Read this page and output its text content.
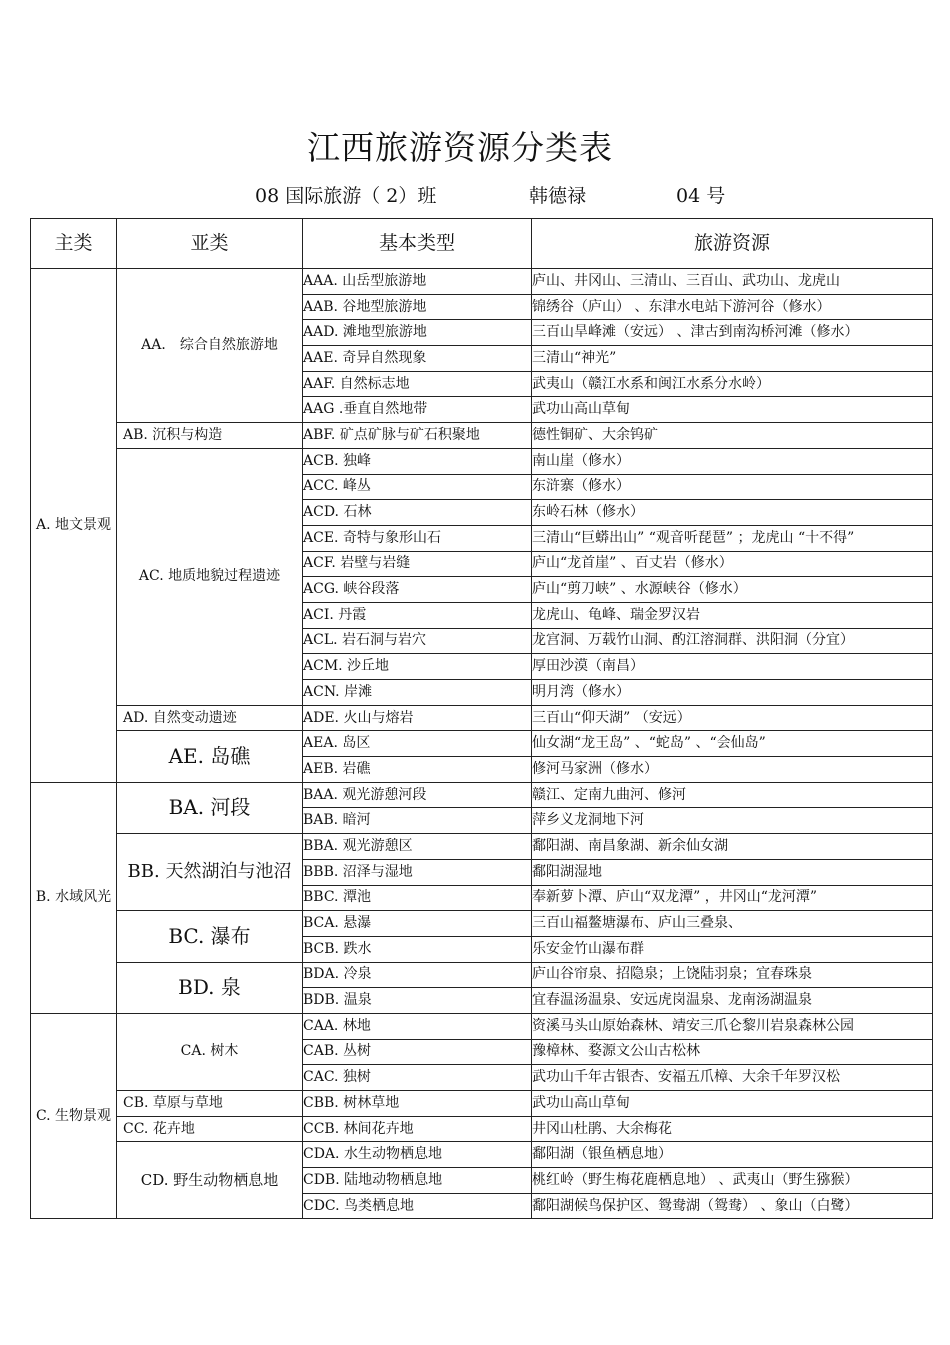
江西旅游资源分类表
08 国际旅游（ 2）班	韩德禄	04 号
主类	亚类	基本类型	旅游资源
A. 地文景观	AA． 综合自然旅游地	AAA. 山岳型旅游地	庐山、井冈山、三清山、三百山、武功山、龙虎山
		AAB. 谷地型旅游地	锦绣谷（庐山） 、东津水电站下游河谷（修水）
		AAD. 滩地型旅游地	三百山旱峰滩（安远） 、津古到南沟桥河滩（修水）
		AAE. 奇异自然现象	三清山“神光”
		AAF. 自然标志地	武夷山（赣江水系和闽江水系分水岭）
		AAG .垂直自然地带	武功山高山草甸
	AB. 沉积与构造	ABF. 矿点矿脉与矿石积聚地	德性铜矿、大余钨矿
	AC. 地质地貌过程遗迹	ACB. 独峰	南山崖（修水）
		ACC. 峰丛	东浒寨（修水）
		ACD. 石林	东岭石林（修水）
		ACE. 奇特与象形山石	三清山“巨蟒出山” “观音听琵琶” ；龙虎山 “十不得”
		ACF. 岩壁与岩缝	庐山“龙首崖” 、百丈岩（修水）
		ACG. 峡谷段落	庐山“剪刀峡” 、水源峡谷（修水）
		ACI. 丹霞	龙虎山、龟峰、瑞金罗汉岩
		ACL. 岩石洞与岩穴	龙宫洞、万载竹山洞、酌江溶洞群、洪阳洞（分宜）
		ACM. 沙丘地	厚田沙漠（南昌）
		ACN. 岸滩	明月湾（修水）
	AD. 自然变动遗迹	ADE. 火山与熔岩	三百山“仰天湖” （安远）
	AE. 岛礁	AEA. 岛区	仙女湖“龙王岛” 、“蛇岛” 、“会仙岛”
		AEB. 岩礁	修河马家洲（修水）
B. 水域风光	BA. 河段	BAA. 观光游憩河段	赣江、定南九曲河、修河
		BAB. 暗河	萍乡义龙洞地下河
	BB. 天然湖泊与池沼	BBA. 观光游憩区	鄱阳湖、南昌象湖、新余仙女湖
		BBB. 沼泽与湿地	鄱阳湖湿地
		BBC. 潭池	奉新萝卜潭、庐山“双龙潭” ，井冈山“龙河潭”
	BC. 瀑布	BCA. 悬瀑	三百山福鳌塘瀑布、庐山三叠泉、
		BCB. 跌水	乐安金竹山瀑布群
	BD. 泉	BDA. 冷泉	庐山谷帘泉、招隐泉；上饶陆羽泉；宜春珠泉
		BDB. 温泉	宜春温汤温泉、安远虎岗温泉、龙南汤湖温泉
C. 生物景观	CA. 树木	CAA. 林地	资溪马头山原始森林、靖安三爪仑黎川岩泉森林公园
		CAB. 丛树	豫樟林、婺源文公山古松林
		CAC. 独树	武功山千年古银杏、安福五爪樟、大余千年罗汉松
	CB. 草原与草地	CBB. 树林草地	武功山高山草甸
	CC. 花卉地	CCB. 林间花卉地	井冈山杜鹃、大余梅花
	CD. 野生动物栖息地	CDA. 水生动物栖息地	鄱阳湖（银鱼栖息地）
		CDB. 陆地动物栖息地	桃红岭（野生梅花鹿栖息地） 、武夷山（野生猕猴）
		CDC. 鸟类栖息地	鄱阳湖候鸟保护区、鸳鸯湖（鸳鸯） 、象山（白鹭）
